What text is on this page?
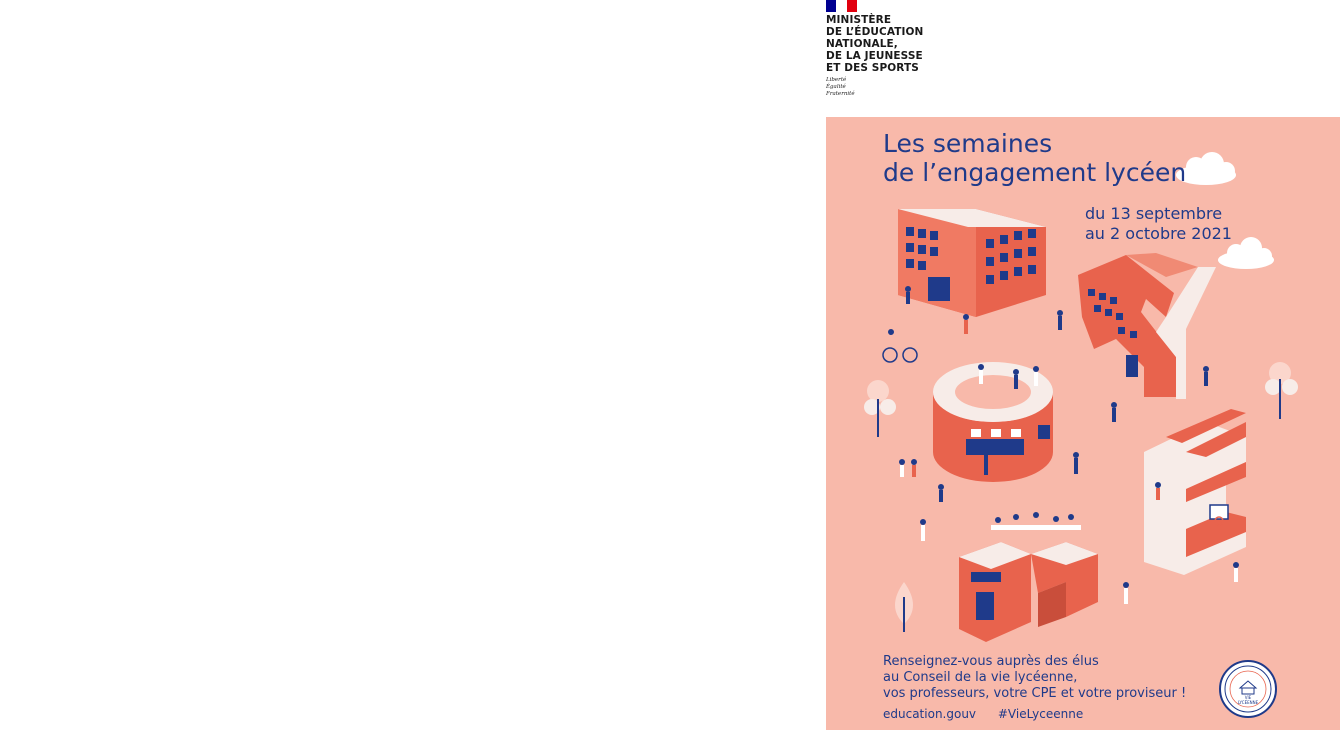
MINISTÈRE
DE L’ÉDUCATION
NATIONALE,
DE LA JEUNESSE
ET DES SPORTS
Liberté
Égalité
Fraternité
Les semaines
de l’engagement lycéen
du 13 septembre
au 2 octobre 2021
Renseignez-vous auprès des élus
au Conseil de la vie lycéenne,
vos professeurs, votre CPE et votre proviseur !
education.gouv #VieLyceenne
VIE
LYCÉENNE
